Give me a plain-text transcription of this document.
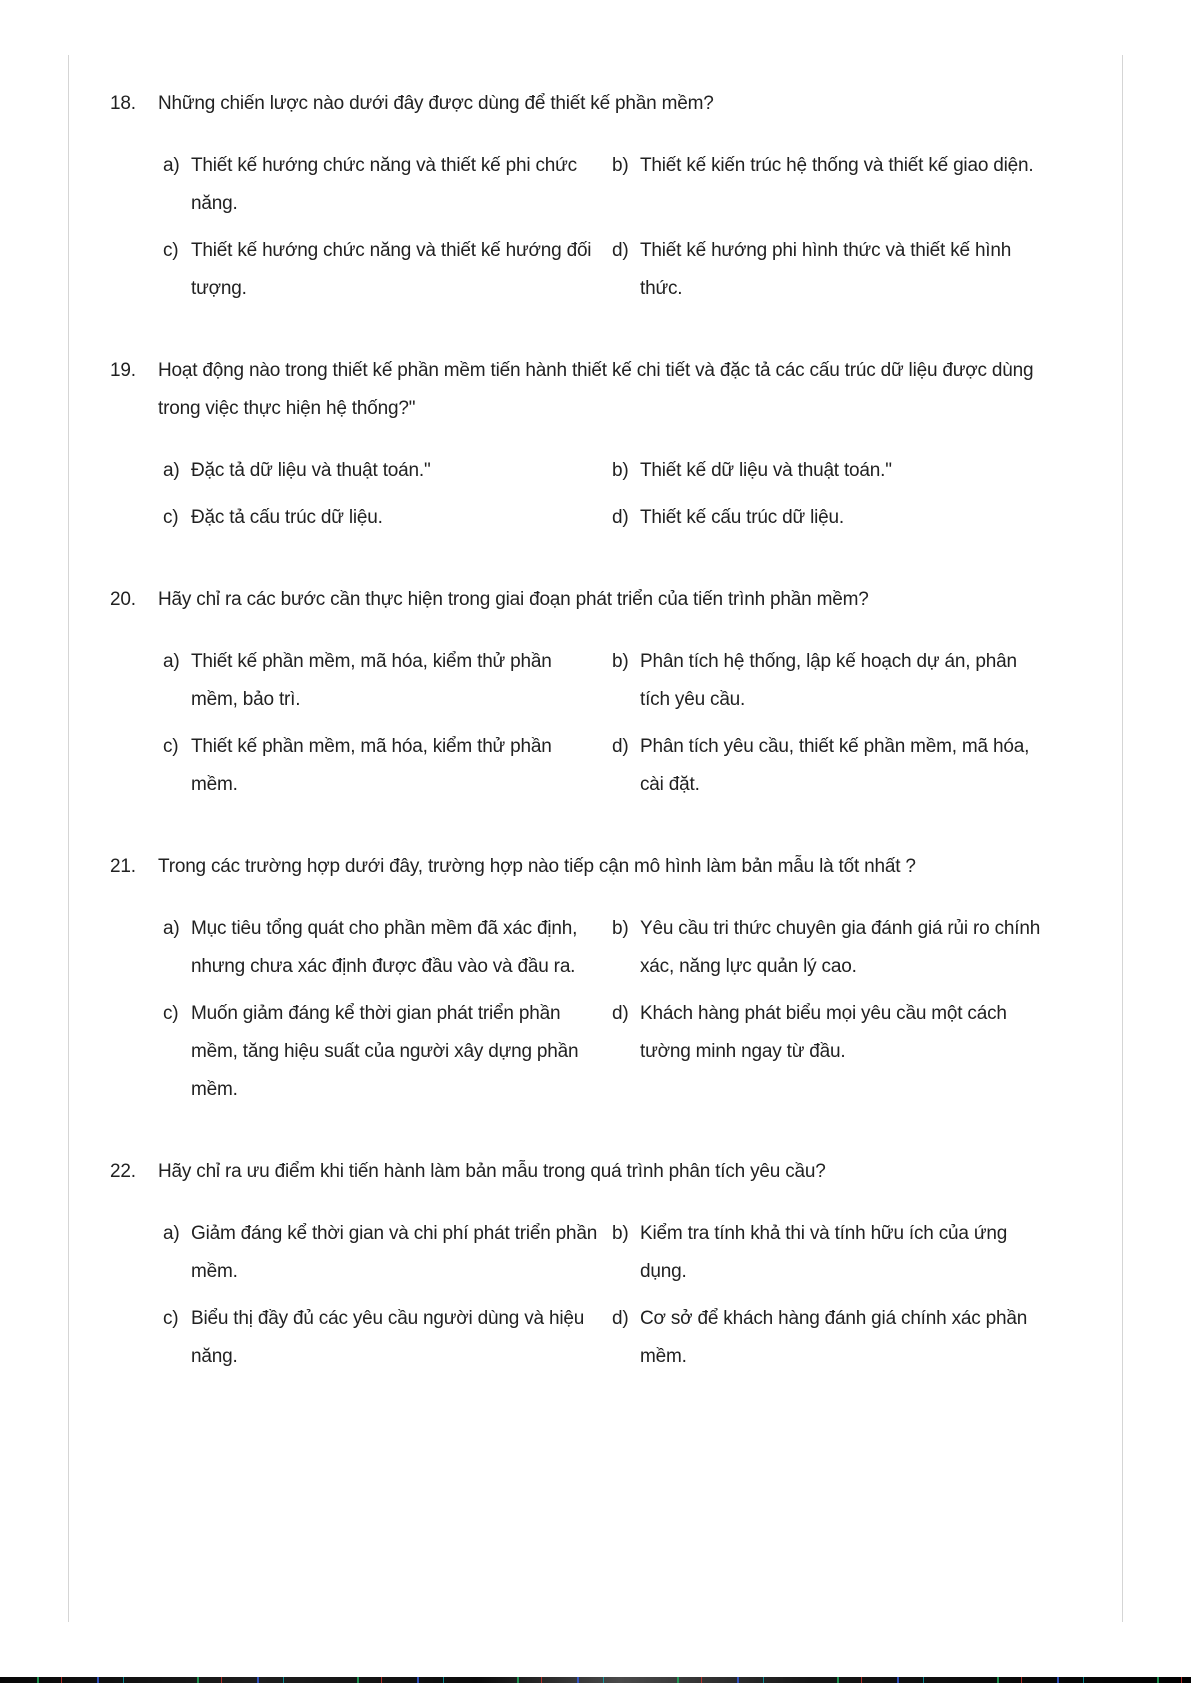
18.	Những chiến lược nào dưới đây được dùng để thiết kế phần mềm?
a) Thiết kế hướng chức năng và thiết kế phi chức năng.
b) Thiết kế kiến trúc hệ thống và thiết kế giao diện.
c) Thiết kế hướng chức năng và thiết kế hướng đối tượng.
d) Thiết kế hướng phi hình thức và thiết kế hình thức.
19.	Hoạt động nào trong thiết kế phần mềm tiến hành thiết kế chi tiết và đặc tả các cấu trúc dữ liệu được dùng trong việc thực hiện hệ thống?"
a) Đặc tả dữ liệu và thuật toán."	b) Thiết kế dữ liệu và thuật toán."
c) Đặc tả cấu trúc dữ liệu.	d) Thiết kế cấu trúc dữ liệu.
20.	Hãy chỉ ra các bước cần thực hiện trong giai đoạn phát triển của tiến trình phần mềm?
a) Thiết kế phần mềm, mã hóa, kiểm thử phần mềm, bảo trì.
b) Phân tích hệ thống, lập kế hoạch dự án, phân tích yêu cầu.
c) Thiết kế phần mềm, mã hóa, kiểm thử phần mềm.
d) Phân tích yêu cầu, thiết kế phần mềm, mã hóa, cài đặt.
21.	Trong các trường hợp dưới đây, trường hợp nào tiếp cận mô hình làm bản mẫu là tốt nhất ?
a) Mục tiêu tổng quát cho phần mềm đã xác định, nhưng chưa xác định được đầu vào và đầu ra.
b) Yêu cầu tri thức chuyên gia đánh giá rủi ro chính xác, năng lực quản lý cao.
c) Muốn giảm đáng kể thời gian phát triển phần mềm, tăng hiệu suất của người xây dựng phần mềm.
d) Khách hàng phát biểu mọi yêu cầu một cách tường minh ngay từ đầu.
22.	Hãy chỉ ra ưu điểm khi tiến hành làm bản mẫu trong quá trình phân tích yêu cầu?
a) Giảm đáng kể thời gian và chi phí phát triển phần mềm.
b) Kiểm tra tính khả thi và tính hữu ích của ứng dụng.
c) Biểu thị đầy đủ các yêu cầu người dùng và hiệu năng.
d) Cơ sở để khách hàng đánh giá chính xác phần mềm.
